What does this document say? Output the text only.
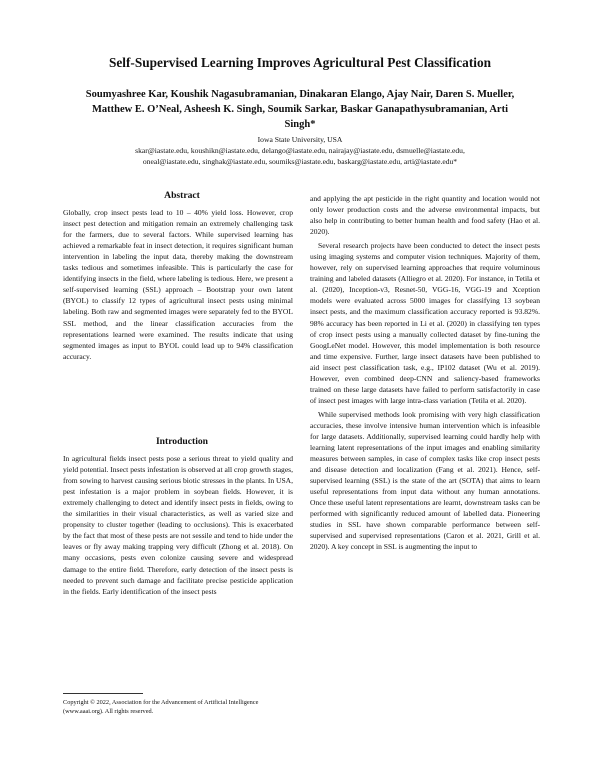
Self-Supervised Learning Improves Agricultural Pest Classification
Soumyashree Kar, Koushik Nagasubramanian, Dinakaran Elango, Ajay Nair, Daren S. Mueller,
Matthew E. O’Neal, Asheesh K. Singh, Soumik Sarkar, Baskar Ganapathysubramanian, Arti
Singh*
Iowa State University, USA
skar@iastate.edu, koushikn@iastate.edu, delango@iastate.edu, nairajay@iastate.edu, dsmuelle@iastate.edu,
oneal@iastate.edu, singhak@iastate.edu, soumiks@iastate.edu, baskarg@iastate.edu, arti@iastate.edu*

Abstract

Globally, crop insect pests lead to 10 – 40% yield loss. However, crop insect pest detection and mitigation remain an extremely challenging task for the farmers, due to several factors. While supervised learning has achieved a remarkable feat in insect detection, it requires significant human intervention in labeling the input data, thereby making the downstream tasks tedious and sometimes infeasible. This is particularly the case for identifying insects in the field, where labeling is tedious. Here, we present a self-supervised learning (SSL) approach – Bootstrap your own latent (BYOL) to classify 12 types of agricultural insect pests using minimal labeling. Both raw and segmented images were separately fed to the BYOL SSL method, and the linear classification accuracies from the representations learned were examined. The results indicate that using segmented images as input to BYOL could lead up to 94% classification accuracy.

Introduction

In agricultural fields insect pests pose a serious threat to yield quality and yield potential. Insect pests infestation is observed at all crop growth stages, from sowing to harvest causing serious biotic stresses in the plants. In USA, pest infestation is a major problem in soybean fields. However, it is extremely challenging to detect and identify insect pests in fields, owing to the similarities in their visual characteristics, as well as varied size and propensity to cluster together (leading to occlusions). This is exacerbated by the fact that most of these pests are not sessile and tend to hide under the leaves or fly away making trapping very difficult (Zhong et al. 2018). On many occasions, pests even colonize causing severe and widespread damage to the entire field. Therefore, early detection of the insect pests is needed to prevent such damage and facilitate precise pesticide application in the fields. Early identification of the insect pests

and applying the apt pesticide in the right quantity and location would not only lower production costs and the adverse environmental impacts, but also help in contributing to better human health and food safety (Hao et al. 2020).

Several research projects have been conducted to detect the insect pests using imaging systems and computer vision techniques. Majority of them, however, rely on supervised learning approaches that require voluminous training and labeled datasets (Alliegro et al. 2020). For instance, in Tetila et al. (2020), Inception-v3, Resnet-50, VGG-16, VGG-19 and Xception models were evaluated across 5000 images for classifying 13 soybean insect pests, and the maximum classification accuracy reported is 93.82%. 98% accuracy has been reported in Li et al. (2020) in classifying ten types of crop insect pests using a manually collected dataset by fine-tuning the GoogLeNet model. However, this model implementation is both resource and time expensive. Further, large insect datasets have been published to aid insect pest classification task, e.g., IP102 dataset (Wu et al. 2019). However, even combined deep-CNN and saliency-based frameworks trained on these large datasets have failed to perform satisfactorily in case of insect pest images with large intra-class variation (Tetila et al. 2020).

While supervised methods look promising with very high classification accuracies, these involve intensive human intervention which is infeasible for large datasets. Additionally, supervised learning could hardly help with learning latent representations of the input images and enabling similarity measures between samples, in case of complex tasks like crop insect pests and disease detection and localization (Fang et al. 2021). Hence, self-supervised learning (SSL) is the state of the art (SOTA) that aims to learn useful representations from input data without any human annotations. Once these useful latent representations are learnt, downstream tasks can be performed with significantly reduced amount of labelled data. Pioneering studies in SSL have shown comparable performance between self-supervised and supervised representations (Caron et al. 2021, Grill et al. 2020). A key concept in SSL is augmenting the input to

Copyright © 2022, Association for the Advancement of Artificial Intelligence (www.aaai.org). All rights reserved.
